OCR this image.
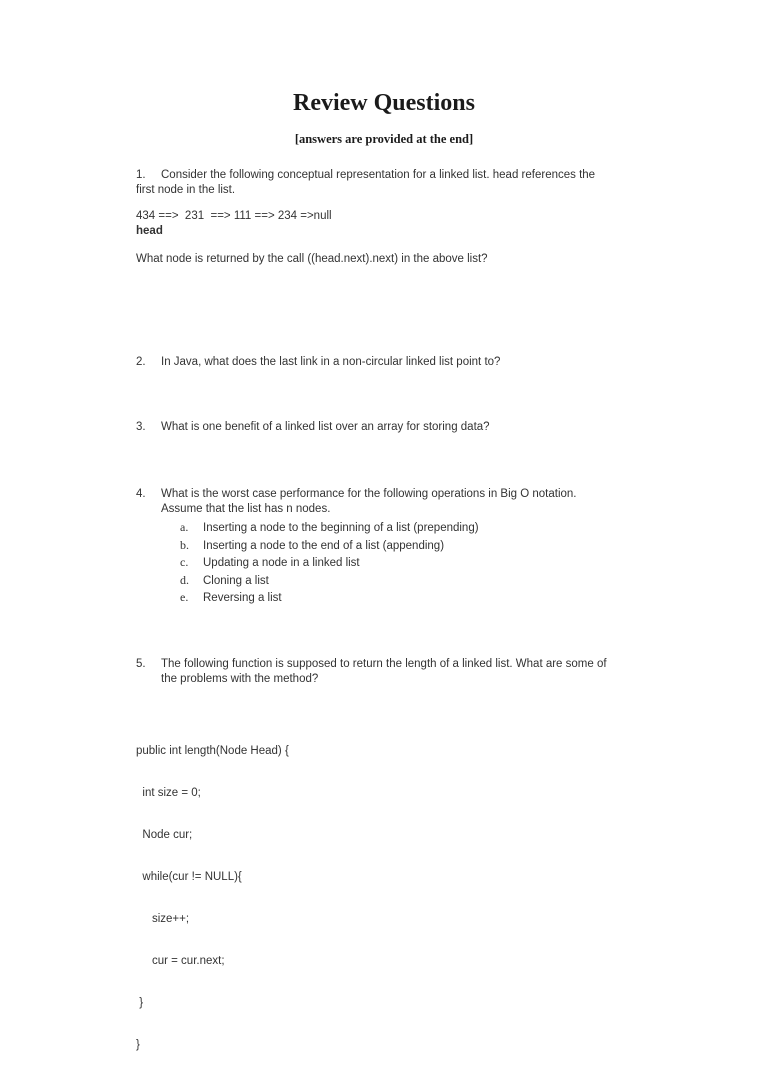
Review Questions
[answers are provided at the end]
1. Consider the following conceptual representation for a linked list. head references the
first node in the list.
434 ==>  231  ==> 111 ==> 234 =>null
head
What node is returned by the call ((head.next).next) in the above list?
2. In Java, what does the last link in a non-circular linked list point to?
3. What is one benefit of a linked list over an array for storing data?
4. What is the worst case performance for the following operations in Big O notation.
Assume that the list has n nodes.
a. Inserting a node to the beginning of a list (prepending)
b. Inserting a node to the end of a list (appending)
c. Updating a node in a linked list
d. Cloning a list
e. Reversing a list
5. The following function is supposed to return the length of a linked list. What are some of
the problems with the method?

public int length(Node Head) {

int size = 0;

Node cur;

while(cur != NULL){

size++;

cur = cur.next;

}

}
